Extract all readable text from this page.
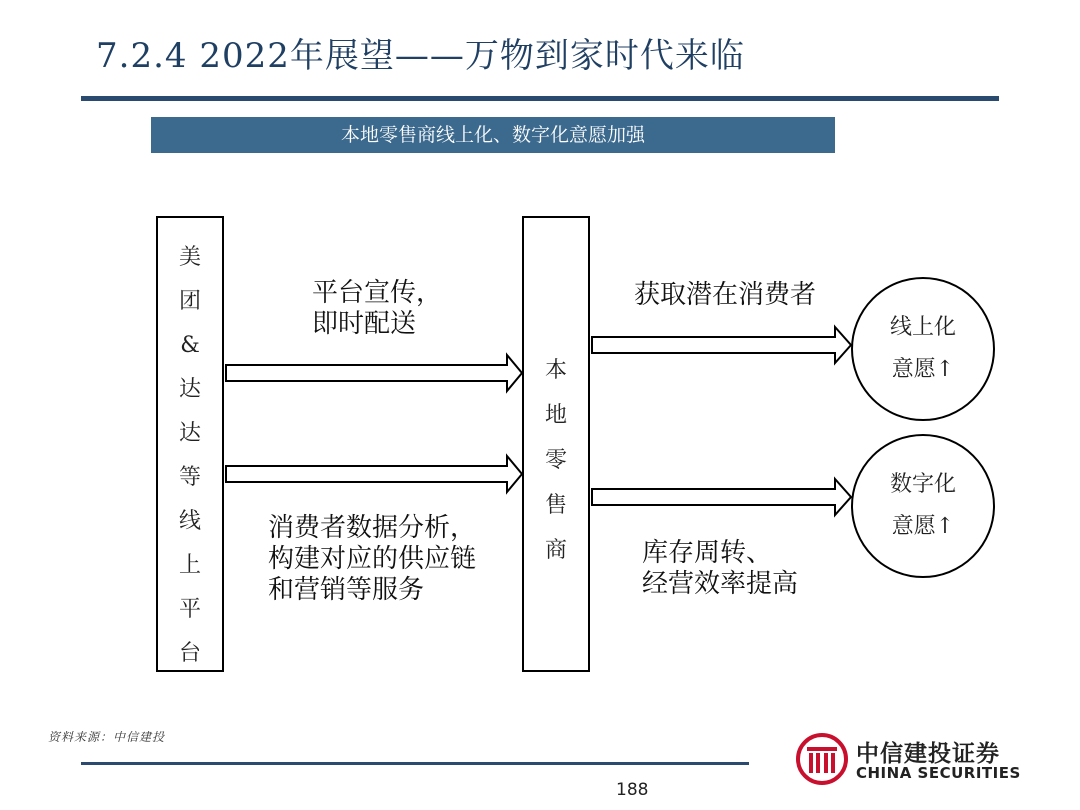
7.2.4 2022年展望——万物到家时代来临
本地零售商线上化、数字化意愿加强
美
团
&
达
达
等
线
上
平
台
本
地
零
售
商
线上化
意愿↑
数字化
意愿↑
平台宣传，
即时配送
消费者数据分析，
构建对应的供应链
和营销等服务
获取潜在消费者
库存周转、
经营效率提高
资料来源：中信建投
188
中信建投证券
CHINA SECURITIES
